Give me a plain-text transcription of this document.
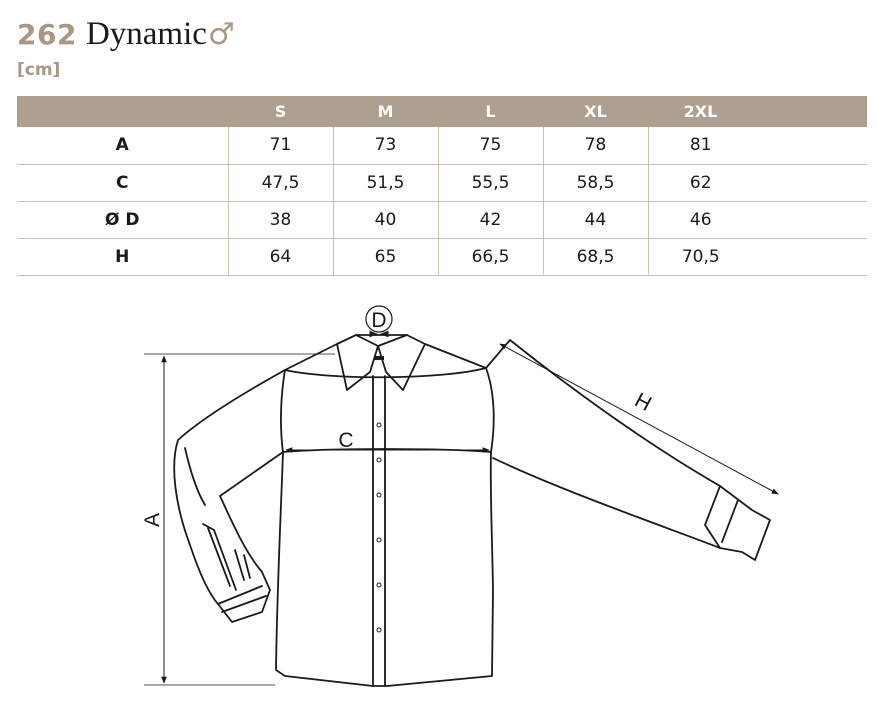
262 Dynamic ♂
[cm]
	S	M	L	XL	2XL	
A	71	73	75	78	81	
C	47,5	51,5	55,5	58,5	62	
Ø D	38	40	42	44	46	
H	64	65	66,5	68,5	70,5	
A
C
D
H
